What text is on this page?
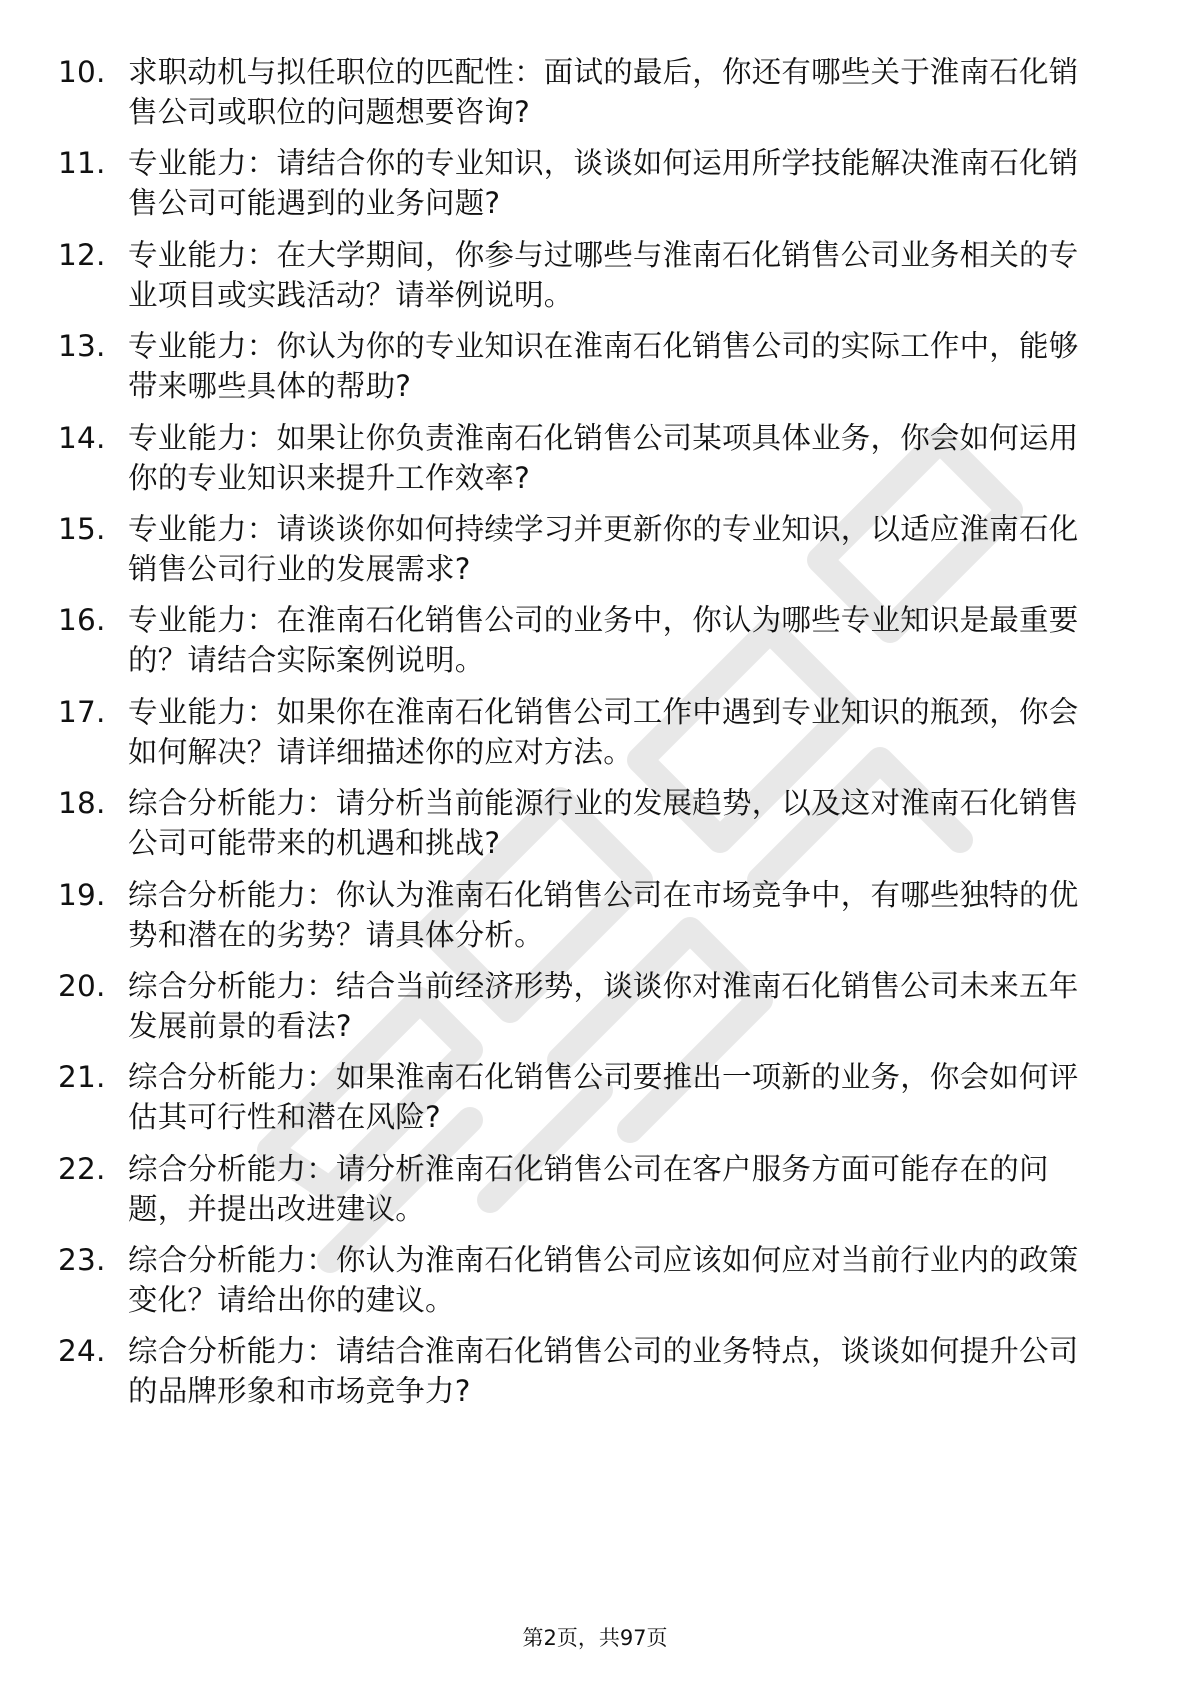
10. 求职动机与拟任职位的匹配性：面试的最后，你还有哪些关于淮南石化销售公司或职位的问题想要咨询?
11. 专业能力：请结合你的专业知识，谈谈如何运用所学技能解决淮南石化销售公司可能遇到的业务问题?
12. 专业能力：在大学期间，你参与过哪些与淮南石化销售公司业务相关的专业项目或实践活动？请举例说明。
13. 专业能力：你认为你的专业知识在淮南石化销售公司的实际工作中，能够带来哪些具体的帮助?
14. 专业能力：如果让你负责淮南石化销售公司某项具体业务，你会如何运用你的专业知识来提升工作效率?
15. 专业能力：请谈谈你如何持续学习并更新你的专业知识，以适应淮南石化销售公司行业的发展需求?
16. 专业能力：在淮南石化销售公司的业务中，你认为哪些专业知识是最重要的？请结合实际案例说明。
17. 专业能力：如果你在淮南石化销售公司工作中遇到专业知识的瓶颈，你会如何解决？请详细描述你的应对方法。
18. 综合分析能力：请分析当前能源行业的发展趋势，以及这对淮南石化销售公司可能带来的机遇和挑战?
19. 综合分析能力：你认为淮南石化销售公司在市场竞争中，有哪些独特的优势和潜在的劣势？请具体分析。
20. 综合分析能力：结合当前经济形势，谈谈你对淮南石化销售公司未来五年发展前景的看法?
21. 综合分析能力：如果淮南石化销售公司要推出一项新的业务，你会如何评估其可行性和潜在风险?
22. 综合分析能力：请分析淮南石化销售公司在客户服务方面可能存在的问题，并提出改进建议。
23. 综合分析能力：你认为淮南石化销售公司应该如何应对当前行业内的政策变化？请给出你的建议。
24. 综合分析能力：请结合淮南石化销售公司的业务特点，谈谈如何提升公司的品牌形象和市场竞争力?
第2页，共97页
